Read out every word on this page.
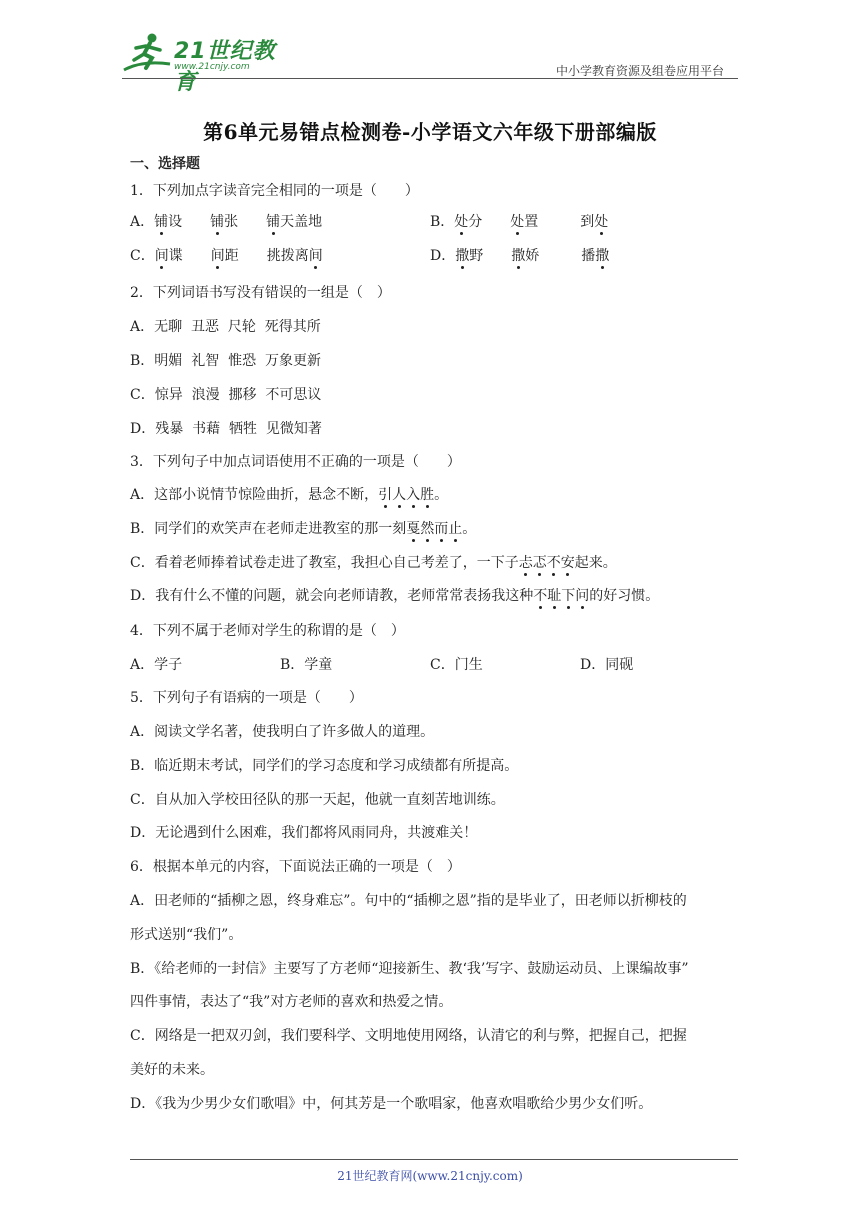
21世纪教育
www.21cnjy.com	中小学教育资源及组卷应用平台
第6单元易错点检测卷-小学语文六年级下册部编版
一、选择题
1．下列加点字读音完全相同的一项是（　　）
A．铺设　　 铺张　　 铺天盖地	B．处分　　 处置　　　	到处
C．间谍　　 间距　　 挑拨离间	D．撒野　　 撒娇　　　	播撒
2．下列词语书写没有错误的一组是（　）
A．无聊  丑恶  尺轮  死得其所
B．明媚  礼智  惟恐  万象更新
C．惊异  浪漫  挪移  不可思议
D．残暴  书藉  牺牲  见微知著
3．下列句子中加点词语使用不正确的一项是（　　）
A．这部小说情节惊险曲折，悬念不断，引人入胜。
B．同学们的欢笑声在老师走进教室的那一刻戛然而止。
C．看着老师捧着试卷走进了教室，我担心自己考差了，一下子忐忑不安起来。
D．我有什么不懂的问题，就会向老师请教，老师常常表扬我这种不耻下问的好习惯。
4．下列不属于老师对学生的称谓的是（　）
A．学子	B．学童	C．门生	D．同砚
5．下列句子有语病的一项是（　　）
A．阅读文学名著，使我明白了许多做人的道理。
B．临近期末考试，同学们的学习态度和学习成绩都有所提高。
C．自从加入学校田径队的那一天起，他就一直刻苦地训练。
D．无论遇到什么困难，我们都将风雨同舟，共渡难关！
6．根据本单元的内容，下面说法正确的一项是（　）
A．田老师的“插柳之恩，终身难忘”。句中的“插柳之恩”指的是毕业了，田老师以折柳枝的
形式送别“我们”。
B．《给老师的一封信》主要写了方老师“迎接新生、教‘我’写字、鼓励运动员、上课编故事”
四件事情，表达了“我”对方老师的喜欢和热爱之情。
C．网络是一把双刃剑，我们要科学、文明地使用网络，认清它的利与弊，把握自己，把握
美好的未来。
D．《我为少男少女们歌唱》中，何其芳是一个歌唱家，他喜欢唱歌给少男少女们听。
21世纪教育网(www.21cnjy.com)
